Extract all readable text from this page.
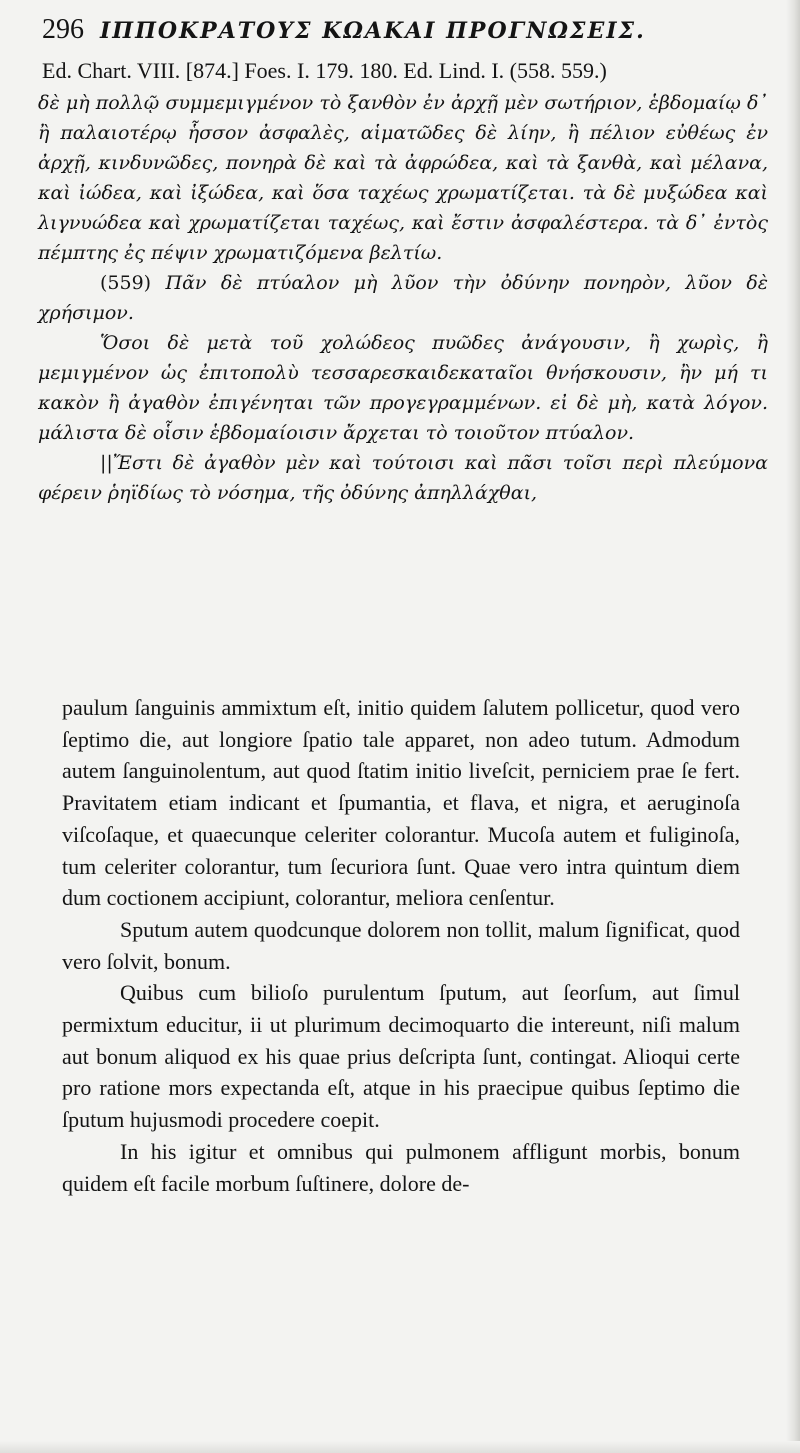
296 ΙΠΠΟΚΡΑΤΟΥΣ ΚΩΑΚΑΙ ΠΡΟΓΝΩΣΕΙΣ.
Ed. Chart. VIII. [874.] Foes. I. 179. 180. Ed. Lind. I. (558. 559.)

δὲ μὴ πολλῷ συμμεμιγμένον τὸ ξανθὸν ἐν ἀρχῇ μὲν σωτήριον, ἑβδομαίῳ δ᾽ ἢ παλαιοτέρῳ ἧσσον ἀσφαλὲς, αἱματῶδες δὲ λίην, ἢ πέλιον εὐθέως ἐν ἀρχῇ, κινδυνῶδες, πονηρὰ δὲ καὶ τὰ ἀφρώδεα, καὶ τὰ ξανθὰ, καὶ μέλανα, καὶ ἰώδεα, καὶ ἰξώδεα, καὶ ὅσα ταχέως χρωματίζεται. τὰ δὲ μυξώδεα καὶ λιγνυώδεα καὶ χρωματίζεται ταχέως, καὶ ἔστιν ἀσφαλέστερα. τὰ δ᾽ ἐντὸς πέμπτης ἐς πέψιν χρωματιζόμενα βελτίω.

(559) Πᾶν δὲ πτύαλον μὴ λῦον τὴν ὀδύνην πονηρὸν, λῦον δὲ χρήσιμον.

Ὅσοι δὲ μετὰ τοῦ χολώδεος πυῶδες ἀνάγουσιν, ἢ χωρὶς, ἢ μεμιγμένον ὡς ἐπιτοπολὺ τεσσαρεσκαιδεκαταῖοι θνήσκουσιν, ἢν μή τι κακὸν ἢ ἀγαθὸν ἐπιγένηται τῶν προγεγραμμένων. εἰ δὲ μὴ, κατὰ λόγον. μάλιστα δὲ οἷσιν ἑβδομαίοισιν ἄρχεται τὸ τοιοῦτον πτύαλον.

||Ἔστι δὲ ἀγαθὸν μὲν καὶ τούτοισι καὶ πᾶσι τοῖσι περὶ πλεύμονα φέρειν ῥηϊδίως τὸ νόσημα, τῆς ὀδύνης ἀπηλλάχθαι,

paulum ſanguinis ammixtum eſt, initio quidem ſalutem pollicetur, quod vero ſeptimo die, aut longiore ſpatio tale apparet, non adeo tutum. Admodum autem ſanguinolentum, aut quod ſtatim initio liveſcit, perniciem prae ſe fert. Pravitatem etiam indicant et ſpumantia, et flava, et nigra, et aeruginoſa viſcoſaque, et quaecunque celeriter colorantur. Mucoſa autem et fuliginoſa, tum celeriter colorantur, tum ſecuriora ſunt. Quae vero intra quintum diem dum coctionem accipiunt, colorantur, meliora cenſentur.

Sputum autem quodcunque dolorem non tollit, malum ſignificat, quod vero ſolvit, bonum.

Quibus cum bilioſo purulentum ſputum, aut ſeorſum, aut ſimul permixtum educitur, ii ut plurimum decimoquarto die intereunt, niſi malum aut bonum aliquod ex his quae prius deſcripta ſunt, contingat. Alioqui certe pro ratione mors expectanda eſt, atque in his praecipue quibus ſeptimo die ſputum hujusmodi procedere coepit.

In his igitur et omnibus qui pulmonem affligunt morbis, bonum quidem eſt facile morbum ſuſtinere, dolore de-
